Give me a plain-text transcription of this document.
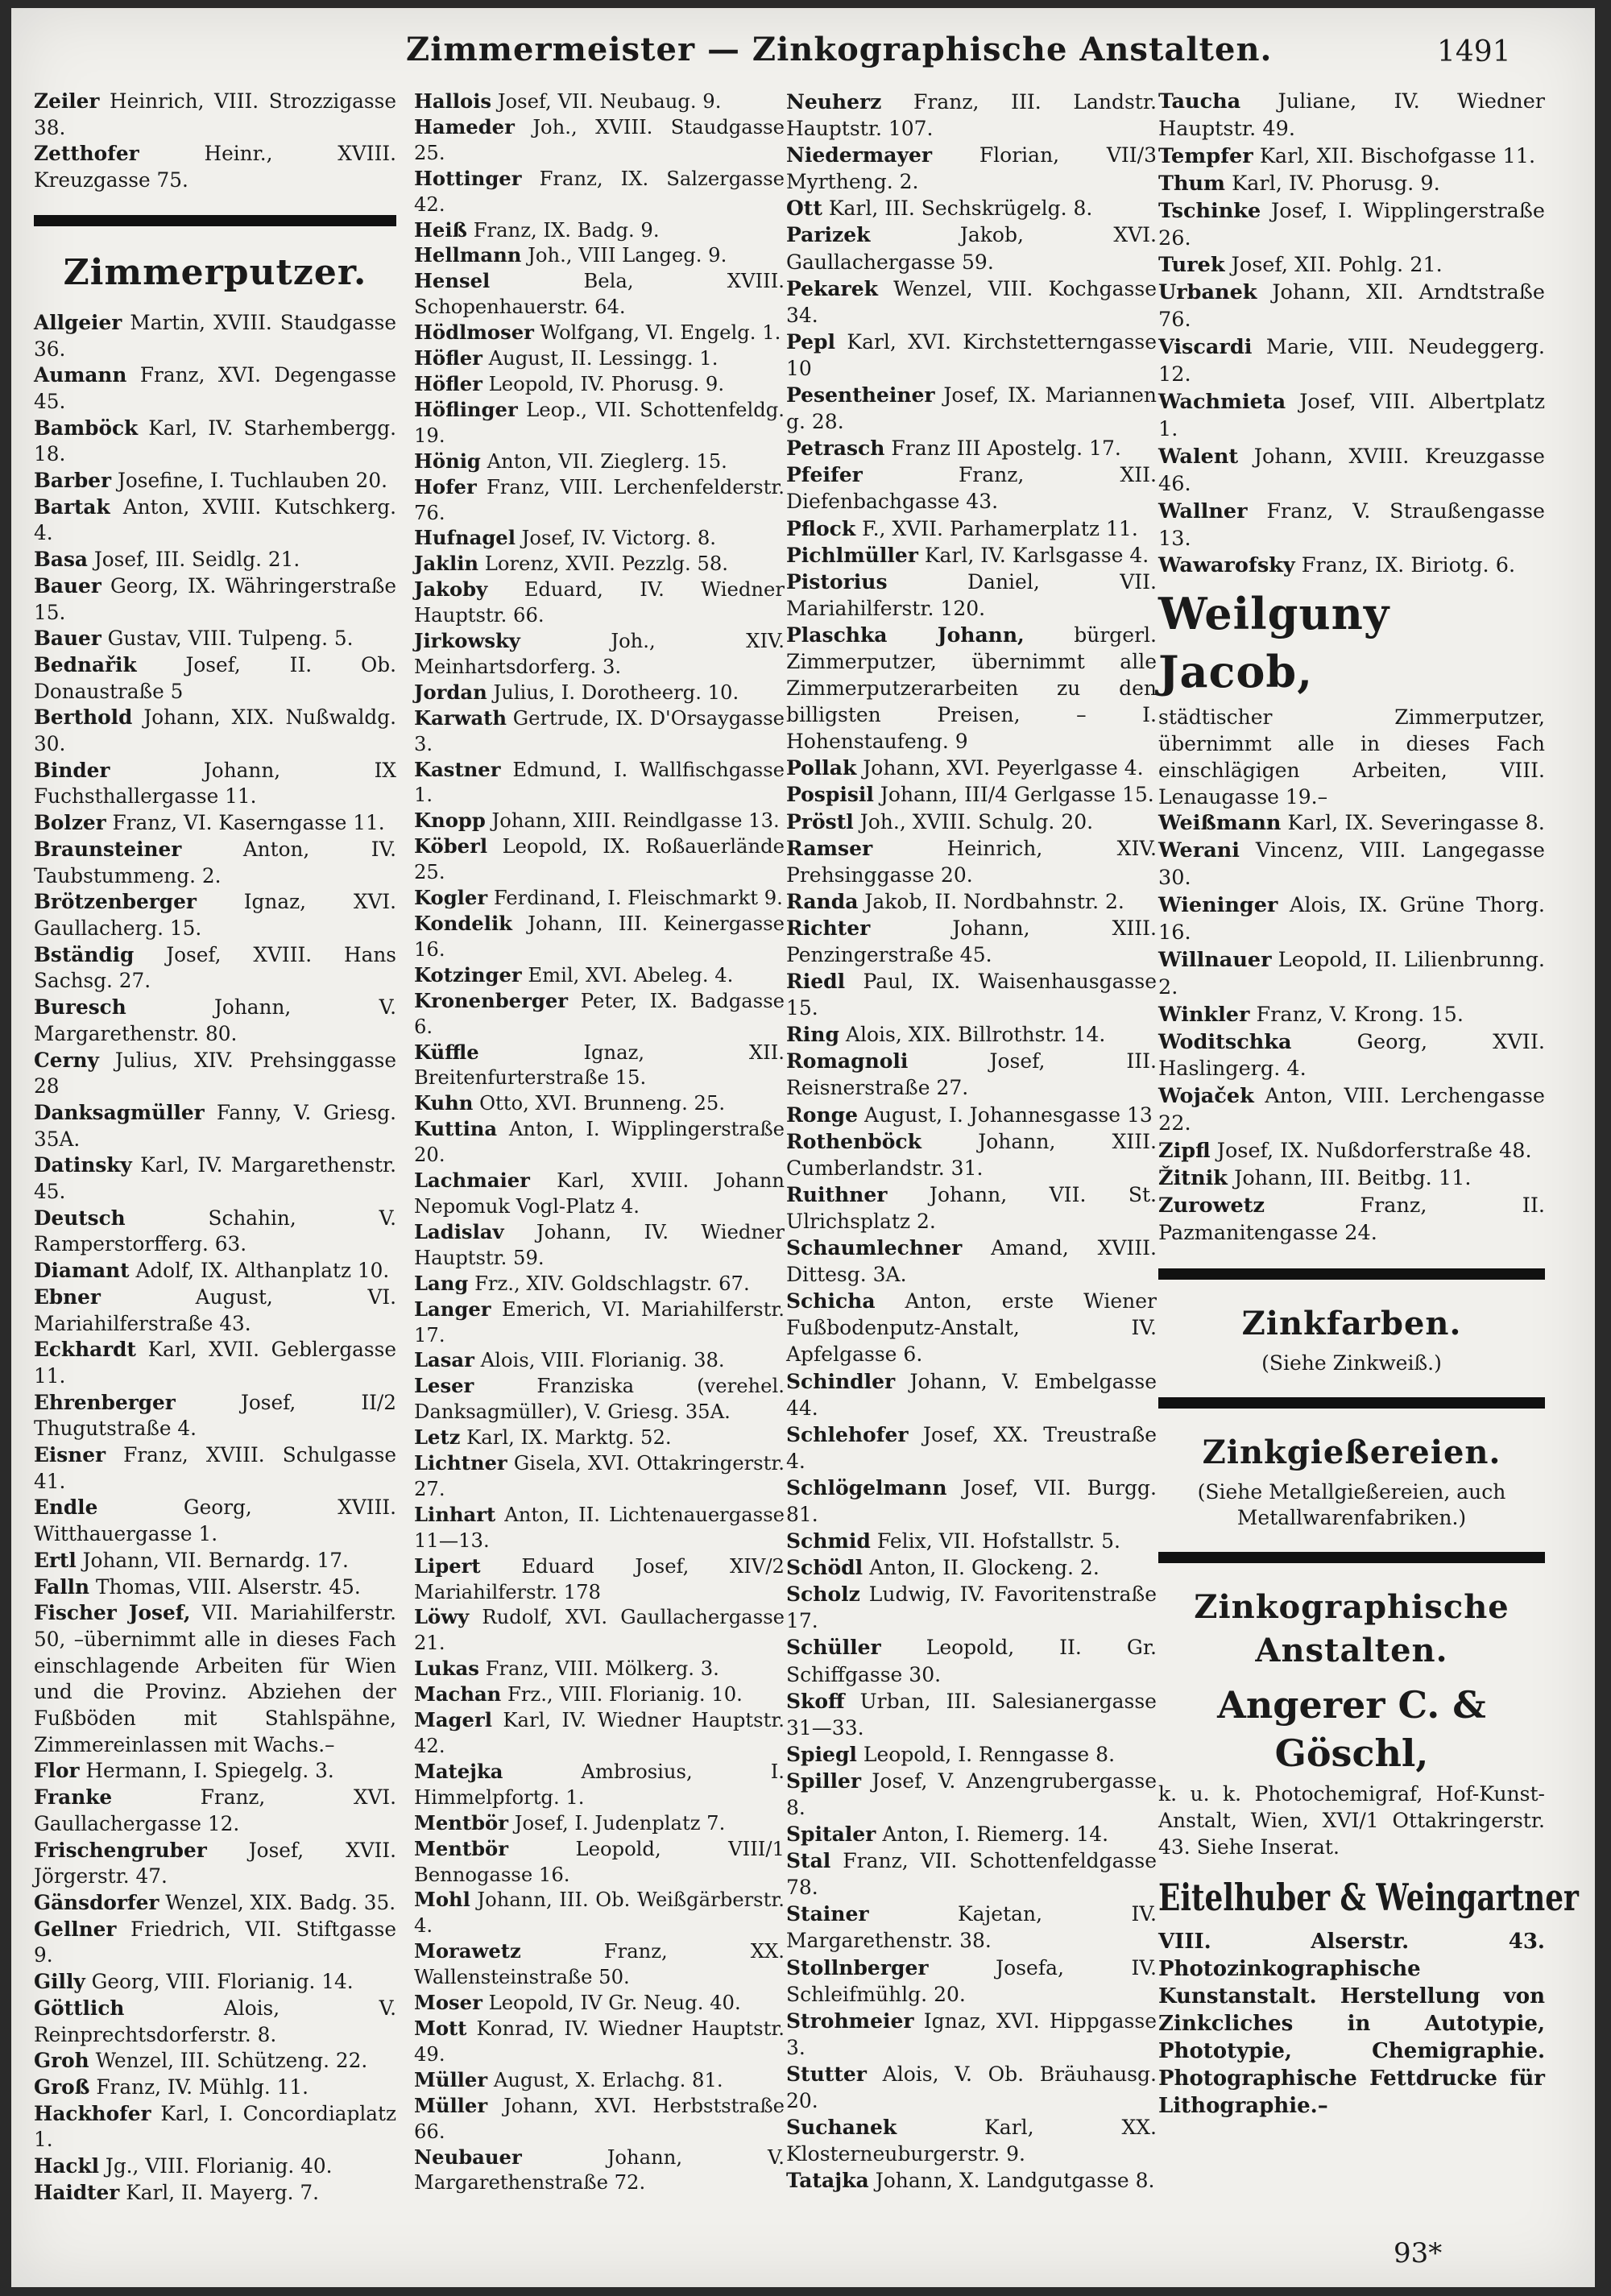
Zimmermeister — Zinkographische Anstalten.	1491

Zeiler Heinrich, VIII. Strozzigasse 38.

Zetthofer	Heinr., XVIII. Kreuzgasse 75.

Zimmerputzer.

Allgeier Martin, XVIII. Staudgasse 36.

Aumann Franz, XVI. Degengasse 45.

Bamböck Karl, IV. Starhembergg. 18.

Barber Josefine, I. Tuchlauben 20.

Bartak Anton, XVIII. Kutschkerg. 4.

Basa Josef, III. Seidlg. 21.

Bauer Georg, IX. Währingerstraße 15.

Bauer Gustav, VIII. Tulpeng. 5.

Bednařik Josef, II. Ob. Donaustraße 5

Berthold Johann, XIX. Nußwaldg. 30.

Binder	Johann, IX Fuchsthallergasse 11.

Bolzer Franz, VI. Kaserngasse 11.

Braunsteiner	Anton, IV. Taubstummeng. 2.

Brötzenberger Ignaz, XVI. Gaullacherg. 15.

Bständig Josef, XVIII. Hans Sachsg. 27.

Buresch	Johann, V. Margarethenstr. 80.

Cerny Julius, XIV. Prehsinggasse 28

Danksagmüller Fanny, V. Griesg. 35A.

Datinsky Karl, IV. Margarethenstr. 45.

Deutsch	Schahin, V. Ramperstorfferg. 63.

Diamant Adolf, IX. Althanplatz 10.

Ebner	August, VI. Mariahilferstraße 43.

Eckhardt Karl, XVII. Geblergasse 11.

Ehrenberger	Josef, II/2 Thugutstraße 4.

Eisner Franz, XVIII. Schulgasse 41.

Endle	Georg, XVIII. Witthauergasse 1.

Ertl Johann, VII. Bernardg. 17.

Falln Thomas, VIII. Alserstr. 45.

Fischer Josef, VII. Mariahilferstr. 50, –übernimmt alle in dieses Fach einschlagende Arbeiten für Wien und die Provinz. Abziehen der Fußböden mit Stahlspähne, Zimmereinlassen mit Wachs.–

Flor Hermann, I. Spiegelg. 3.

Franke	Franz, XVI. Gaullachergasse 12.

Frischengruber Josef, XVII. Jörgerstr. 47.

Gänsdorfer Wenzel, XIX. Badg. 35.

Gellner Friedrich, VII. Stiftgasse 9.

Gilly Georg, VIII. Florianig. 14.

Göttlich	Alois, V. Reinprechtsdorferstr. 8.

Groh Wenzel, III. Schützeng. 22.

Groß Franz, IV. Mühlg. 11.

Hackhofer Karl, I. Concordiaplatz 1.

Hackl Jg., VIII. Florianig. 40.

Haidter Karl, II. Mayerg. 7.

Hallois Josef, VII. Neubaug. 9.

Hameder Joh., XVIII. Staudgasse 25.

Hottinger Franz, IX. Salzergasse 42.

Heiß Franz, IX. Badg. 9.

Hellmann Joh., VIII Langeg. 9.

Hensel	Bela, XVIII. Schopenhauerstr. 64.

Hödlmoser Wolfgang, VI. Engelg. 1.

Höfler August, II. Lessingg. 1.

Höfler Leopold, IV. Phorusg. 9.

Höflinger Leop., VII. Schottenfeldg. 19.

Hönig Anton, VII. Zieglerg. 15.

Hofer Franz, VIII. Lerchenfelderstr. 76.

Hufnagel Josef, IV. Victorg. 8.

Jaklin Lorenz, XVII. Pezzlg. 58.

Jakoby Eduard, IV. Wiedner Hauptstr. 66.

Jirkowsky	Joh., XIV. Meinhartsdorferg. 3.

Jordan Julius, I. Dorotheerg. 10.

Karwath Gertrude, IX. D'Orsaygasse 3.

Kastner Edmund, I. Wallfischgasse 1.

Knopp Johann, XIII. Reindlgasse 13.

Köberl Leopold, IX. Roßauerlände 25.

Kogler Ferdinand, I. Fleischmarkt 9.

Kondelik Johann, III. Keinergasse 16.

Kotzinger Emil, XVI. Abeleg. 4.

Kronenberger Peter, IX. Badgasse 6.

Küffle	Ignaz, XII. Breitenfurterstraße 15.

Kuhn Otto, XVI. Brunneng. 25.

Kuttina Anton, I. Wipplingerstraße 20.

Lachmaier Karl, XVIII. Johann Nepomuk Vogl-Platz 4.

Ladislav Johann, IV. Wiedner Hauptstr. 59.

Lang Frz., XIV. Goldschlagstr. 67.

Langer Emerich, VI. Mariahilferstr. 17.

Lasar Alois, VIII. Florianig. 38.

Leser	Franziska (verehel. Danksagmüller), V. Griesg. 35A.

Letz Karl, IX. Marktg. 52.

Lichtner Gisela, XVI. Ottakringerstr. 27.

Linhart Anton, II. Lichtenauergasse 11—13.

Lipert Eduard Josef, XIV/2 Mariahilferstr. 178

Löwy Rudolf, XVI. Gaullachergasse 21.

Lukas Franz, VIII. Mölkerg. 3.

Machan Frz., VIII. Florianig. 10.

Magerl Karl, IV. Wiedner Hauptstr. 42.

Matejka	Ambrosius, I. Himmelpfortg. 1.

Mentbör Josef, I. Judenplatz 7.

Mentbör	Leopold, VIII/1 Bennogasse 16.

Mohl Johann, III. Ob. Weißgärberstr. 4.

Morawetz	Franz, XX. Wallensteinstraße 50.

Moser Leopold, IV Gr. Neug. 40.

Mott Konrad, IV. Wiedner Hauptstr. 49.

Müller August, X. Erlachg. 81.

Müller Johann, XVI. Herbststraße 66.

Neubauer	Johann, V. Margarethenstraße 72.

Neuherz Franz, III. Landstr. Hauptstr. 107.

Niedermayer Florian, VII/3 Myrtheng. 2.

Ott Karl, III. Sechskrügelg. 8.

Parizek	Jakob, XVI. Gaullachergasse 59.

Pekarek Wenzel, VIII. Kochgasse 34.

Pepl Karl, XVI. Kirchstetterngasse 10

Pesentheiner Josef, IX. Mariannen g. 28.

Petrasch Franz III Apostelg. 17.

Pfeifer	Franz, XII. Diefenbachgasse 43.

Pflock F., XVII. Parhamerplatz 11.

Pichlmüller Karl, IV. Karlsgasse 4.

Pistorius	Daniel, VII. Mariahilferstr. 120.

Plaschka Johann, bürgerl. Zimmerputzer, übernimmt alle Zimmerputzerarbeiten zu den billigsten Preisen, – I. Hohenstaufeng. 9

Pollak Johann, XVI. Peyerlgasse 4.

Pospisil Johann, III/4 Gerlgasse 15.

Pröstl Joh., XVIII. Schulg. 20.

Ramser	Heinrich, XIV. Prehsinggasse 20.

Randa Jakob, II. Nordbahnstr. 2.

Richter	Johann, XIII. Penzingerstraße 45.

Riedl Paul, IX. Waisenhausgasse 15.

Ring Alois, XIX. Billrothstr. 14.

Romagnoli	Josef, III. Reisnerstraße 27.

Ronge August, I. Johannesgasse 13

Rothenböck	Johann, XIII. Cumberlandstr. 31.

Ruithner Johann, VII. St. Ulrichsplatz 2.

Schaumlechner Amand, XVIII. Dittesg. 3A.

Schicha Anton, erste Wiener Fußbodenputz-Anstalt, IV. Apfelgasse 6.

Schindler Johann, V. Embelgasse 44.

Schlehofer Josef, XX. Treustraße 4.

Schlögelmann Josef, VII. Burgg. 81.

Schmid Felix, VII. Hofstallstr. 5.

Schödl Anton, II. Glockeng. 2.

Scholz Ludwig, IV. Favoritenstraße 17.

Schüller Leopold, II. Gr. Schiffgasse 30.

Skoff Urban, III. Salesianergasse 31—33.

Spiegl Leopold, I. Renngasse 8.

Spiller Josef, V. Anzengrubergasse 8.

Spitaler Anton, I. Riemerg. 14.

Stal Franz, VII. Schottenfeldgasse 78.

Stainer	Kajetan, IV. Margarethenstr. 38.

Stollnberger	Josefa, IV. Schleifmühlg. 20.

Strohmeier Ignaz, XVI. Hippgasse 3.

Stutter Alois, V. Ob. Bräuhausg. 20.

Suchanek	Karl, XX. Klosterneuburgerstr. 9.

Tatajka Johann, X. Landgutgasse 8.

Taucha Juliane, IV. Wiedner Hauptstr. 49.

Tempfer Karl, XII. Bischofgasse 11.

Thum Karl, IV. Phorusg. 9.

Tschinke Josef, I. Wipplingerstraße 26.

Turek Josef, XII. Pohlg. 21.

Urbanek Johann, XII. Arndtstraße 76.

Viscardi Marie, VIII. Neudeggerg. 12.

Wachmieta Josef, VIII. Albertplatz 1.

Walent Johann, XVIII. Kreuzgasse 46.

Wallner Franz, V. Straußengasse 13.

Wawarofsky Franz, IX. Biriotg. 6.

Weilguny Jacob,

städtischer Zimmerputzer, übernimmt alle in dieses Fach einschlägigen Arbeiten, VIII. Lenaugasse 19.–

Weißmann Karl, IX. Severingasse 8.

Werani Vincenz, VIII. Langegasse 30.

Wieninger Alois, IX. Grüne Thorg. 16.

Willnauer Leopold, II. Lilienbrunng. 2.

Winkler Franz, V. Krong. 15.

Woditschka	Georg, XVII. Haslingerg. 4.

Wojaček Anton, VIII. Lerchengasse 22.

Zipfl Josef, IX. Nußdorferstraße 48.

Žitnik Johann, III. Beitbg. 11.

Zurowetz	Franz, II. Pazmanitengasse 24.

Zinkfarben.

(Siehe Zinkweiß.)

Zinkgießereien.

(Siehe Metallgießereien, auch Metallwarenfabriken.)

Zinkographische Anstalten.
Angerer C. & Göschl,

k. u. k. Photochemigraf, Hof-Kunst-Anstalt, Wien, XVI/1 Ottakringerstr. 43. Siehe Inserat.

Eitelhuber & Weingartner

VIII. Alserstr. 43. Photozinkographische Kunstanstalt. Herstellung von Zinkcliches in Autotypie, Phototypie, Chemigraphie. Photographische Fettdrucke für Lithographie.–

93*
